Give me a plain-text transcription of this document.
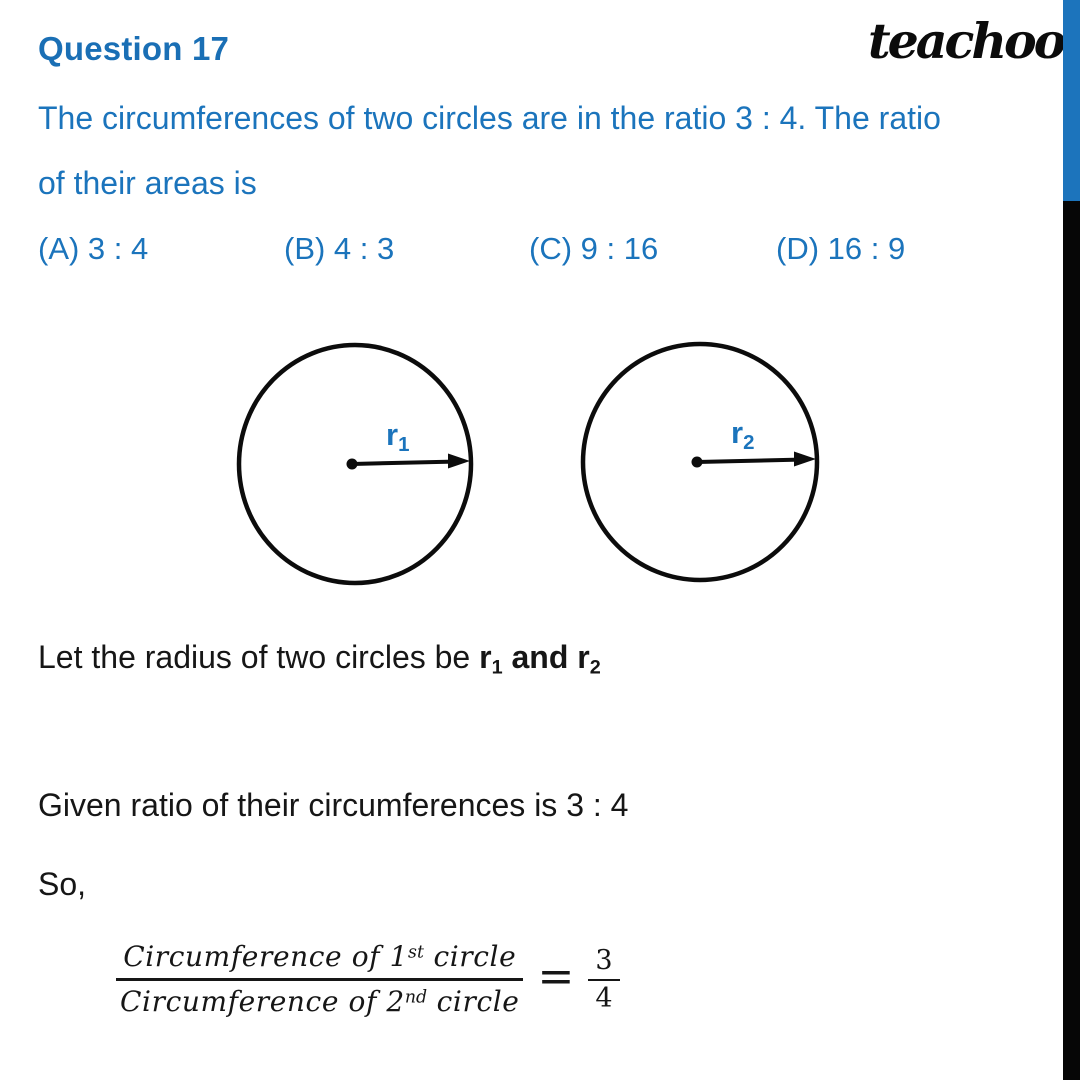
Question 17	teachoo
The circumferences of two circles are in the ratio 3 : 4. The ratio
of their areas is
(A) 3 : 4	(B) 4 : 3	(C) 9 : 16	(D) 16 : 9
$r_1$	$r_2$
Let the radius of two circles be $r_1$ and $r_2$
Given ratio of their circumferences is 3 : 4
So,
$\frac{Circumference of 1^{st} circle}{Circumference of 2^{nd} circle} = \frac{3}{4}$
